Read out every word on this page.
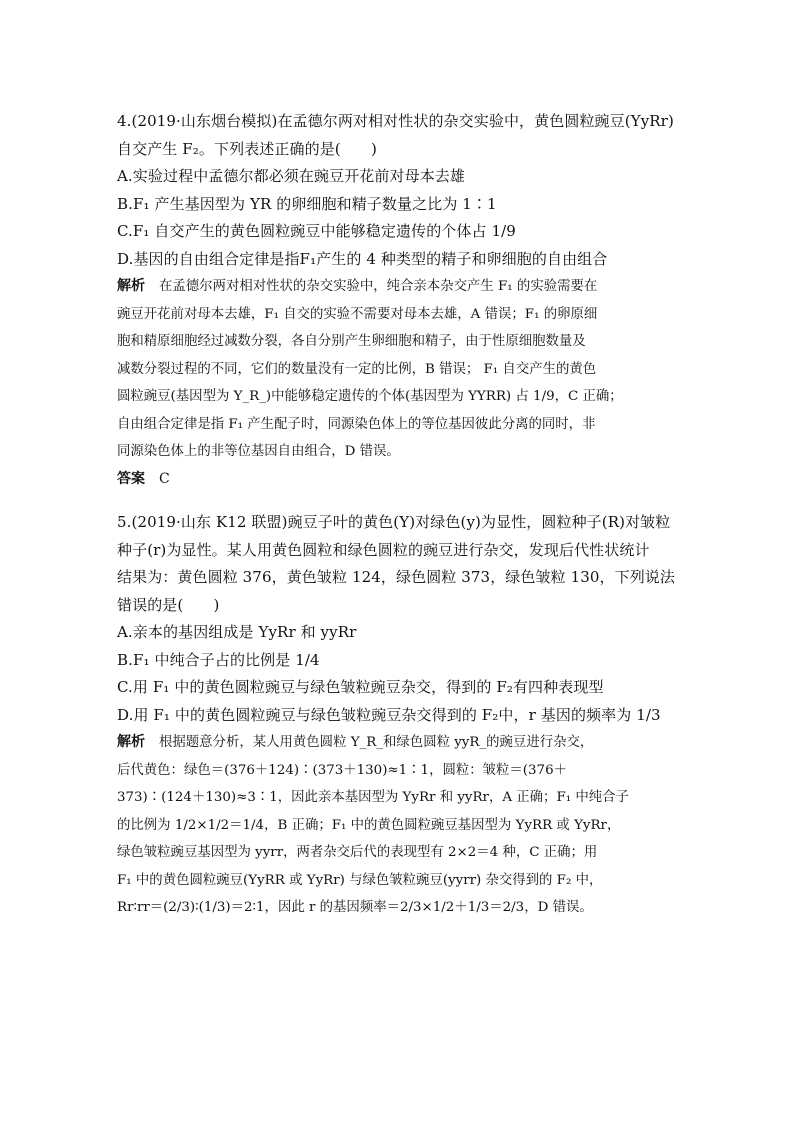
4.(2019·山东烟台模拟)在孟德尔两对相对性状的杂交实验中，黄色圆粒豌豆(YyRr)
自交产生 F₂。下列表述正确的是(　　)
A.实验过程中孟德尔都必须在豌豆开花前对母本去雄
B.F₁ 产生基因型为 YR 的卵细胞和精子数量之比为 1∶1
C.F₁ 自交产生的黄色圆粒豌豆中能够稳定遗传的个体占 1/9
D.基因的自由组合定律是指F₁产生的 4 种类型的精子和卵细胞的自由组合
解析 在孟德尔两对相对性状的杂交实验中，纯合亲本杂交产生 F₁ 的实验需要在
豌豆开花前对母本去雄，F₁ 自交的实验不需要对母本去雄，A 错误；F₁ 的卵原细
胞和精原细胞经过减数分裂，各自分别产生卵细胞和精子，由于性原细胞数量及
减数分裂过程的不同，它们的数量没有一定的比例，B 错误； F₁ 自交产生的黄色
圆粒豌豆(基因型为 Y_R_)中能够稳定遗传的个体(基因型为 YYRR) 占 1/9，C 正确；
自由组合定律是指 F₁ 产生配子时，同源染色体上的等位基因彼此分离的同时，非
同源染色体上的非等位基因自由组合，D 错误。
答案 C
5.(2019·山东 K12 联盟)豌豆子叶的黄色(Y)对绿色(y)为显性，圆粒种子(R)对皱粒
种子(r)为显性。某人用黄色圆粒和绿色圆粒的豌豆进行杂交，发现后代性状统计
结果为：黄色圆粒 376，黄色皱粒 124，绿色圆粒 373，绿色皱粒 130，下列说法
错误的是(　　)
A.亲本的基因组成是 YyRr 和 yyRr
B.F₁ 中纯合子占的比例是 1/4
C.用 F₁ 中的黄色圆粒豌豆与绿色皱粒豌豆杂交，得到的 F₂有四种表现型
D.用 F₁ 中的黄色圆粒豌豆与绿色皱粒豌豆杂交得到的 F₂中，r 基因的频率为 1/3
解析 根据题意分析，某人用黄色圆粒 Y_R_和绿色圆粒 yyR_的豌豆进行杂交，
后代黄色：绿色＝(376＋124)∶(373＋130)≈1∶1，圆粒：皱粒＝(376＋
373)∶(124＋130)≈3∶1，因此亲本基因型为 YyRr 和 yyRr，A 正确；F₁ 中纯合子
的比例为 1/2×1/2＝1/4，B 正确；F₁ 中的黄色圆粒豌豆基因型为 YyRR 或 YyRr，
绿色皱粒豌豆基因型为 yyrr，两者杂交后代的表现型有 2×2＝4 种，C 正确；用
F₁ 中的黄色圆粒豌豆(YyRR 或 YyRr) 与绿色皱粒豌豆(yyrr) 杂交得到的 F₂ 中，
Rr∶rr＝(2/3)∶(1/3)＝2∶1，因此 r 的基因频率＝2/3×1/2＋1/3＝2/3，D 错误。
